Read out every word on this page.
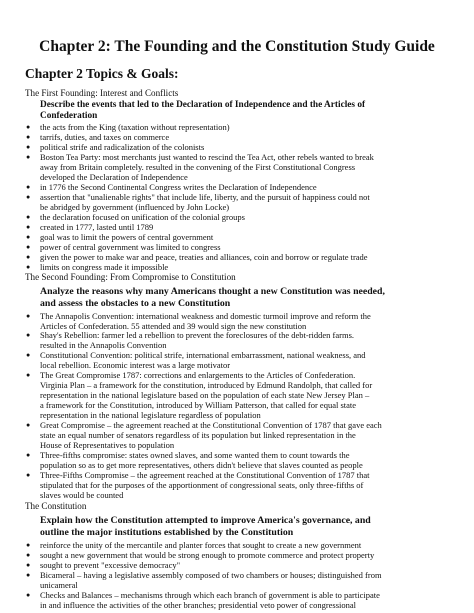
Chapter 2: The Founding and the Constitution Study Guide
Chapter 2 Topics & Goals:
The First Founding: Interest and Conflicts
Describe the events that led to the Declaration of Independence and the Articles of
Confederation
● the acts from the King (taxation without representation)
● tarrifs, duties, and taxes on commerce
● political strife and radicalization of the colonists
● Boston Tea Party: most merchants just wanted to rescind the Tea Act, other rebels wanted to break
away from Britain completely. resulted in the convening of the First Constitutional Congress
developed the Declaration of Independence
● in 1776 the Second Continental Congress writes the Declaration of Independence
● assertion that "unalienable rights" that include life, liberty, and the pursuit of happiness could not
be abridged by government (influenced by John Locke)
● the declaration focused on unification of the colonial groups
● created in 1777, lasted until 1789
● goal was to limit the powers of central government
● power of central government was limited to congress
● given the power to make war and peace, treaties and alliances, coin and borrow or regulate trade
● limits on congress made it impossible
The Second Founding: From Compromise to Constitution
Analyze the reasons why many Americans thought a new Constitution was needed,
and assess the obstacles to a new Constitution
● The Annapolis Convention: international weakness and domestic turmoil improve and reform the
Articles of Confederation. 55 attended and 39 would sign the new constitution
● Shay's Rebellion: farmer led a rebellion to prevent the foreclosures of the debt-ridden farms.
resulted in the Annapolis Convention
● Constitutional Convention: political strife, international embarrassment, national weakness, and
local rebellion. Economic interest was a large motivator
● The Great Compromise 1787: corrections and enlargements to the Articles of Confederation.
Virginia Plan – a framework for the constitution, introduced by Edmund Randolph, that called for
representation in the national legislature based on the population of each state New Jersey Plan –
a framework for the Constitution, introduced by William Patterson, that called for equal state
representation in the national legislature regardless of population
● Great Compromise – the agreement reached at the Constitutional Convention of 1787 that gave each
state an equal number of senators regardless of its population but linked representation in the
House of Representatives to population
● Three-fifths compromise: states owned slaves, and some wanted them to count towards the
population so as to get more representatives, others didn't believe that slaves counted as people
● Three-Fifths Compromise – the agreement reached at the Constitutional Convention of 1787 that
stipulated that for the purposes of the apportionment of congressional seats, only three-fifths of
slaves would be counted
The Constitution
Explain how the Constitution attempted to improve America's governance, and
outline the major institutions established by the Constitution
● reinforce the unity of the mercantile and planter forces that sought to create a new government
● sought a new government that would be strong enough to promote commerce and protect property
● sought to prevent "excessive democracy"
● Bicameral – having a legislative assembly composed of two chambers or houses; distinguished from
unicameral
● Checks and Balances – mechanisms through which each branch of government is able to participate
in and influence the activities of the other branches; presidential veto power of congressional
